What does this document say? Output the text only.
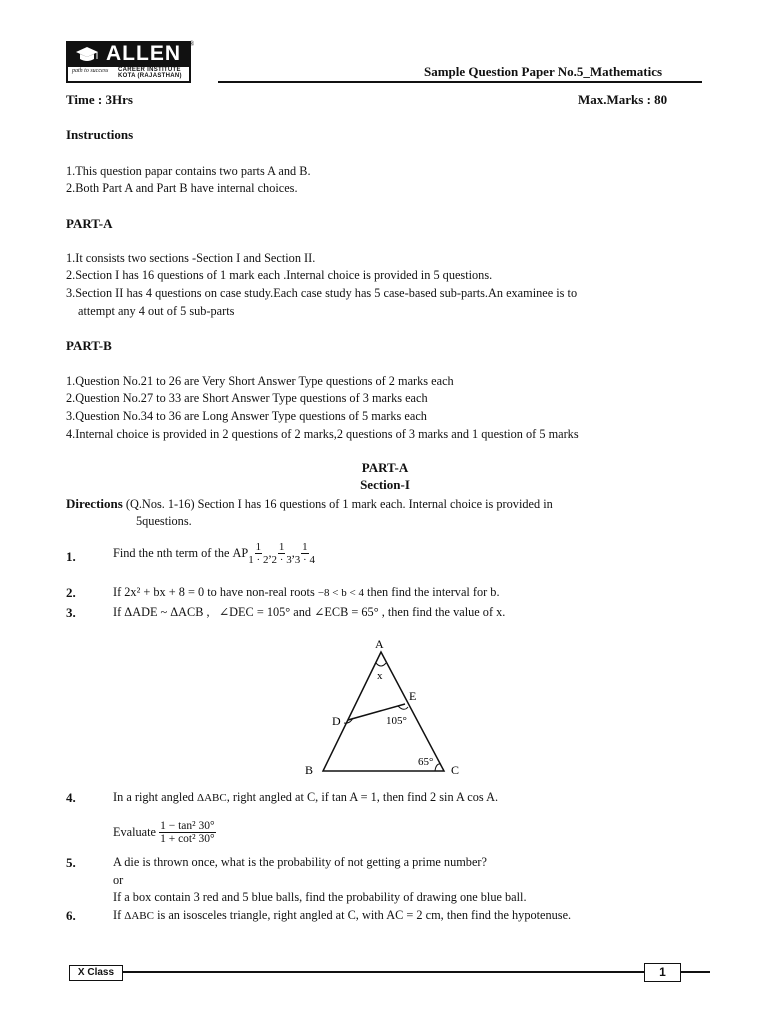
ALLEN
path to success CAREER INSTITUTE
KOTA (RAJASTHAN)
®
Sample Question Paper No.5_Mathematics
Time : 3Hrs	Max.Marks : 80
Instructions
1.This question papar contains two parts A and B.
2.Both Part A and Part B have internal choices.
PART-A
1.It consists two sections -Section I and Section II.
2.Section I has 16 questions of 1 mark each .Internal choice is provided in 5 questions.
3.Section II has 4 questions on case study.Each case study has 5 case-based sub-parts.An examinee is to
attempt any 4 out of 5 sub-parts
PART-B
1.Question No.21 to 26 are Very Short Answer Type questions of 2 marks each
2.Question No.27 to 33 are Short Answer Type questions of 3 marks each
3.Question No.34 to 36 are Long Answer Type questions of 5 marks each
4.Internal choice is provided in 2 questions of 2 marks,2 questions of 3 marks and 1 question of 5 marks
PART-A
Section-I
Directions (Q.Nos. 1-16) Section I has 16 questions of 1 mark each. Internal choice is provided in
5questions.
1.	Find the nth term of the
AP $\frac{1}{1 \cdot 2}$ , $\frac{1}{2 \cdot 3}$ , $\frac{1}{3 \cdot 4}$
2.	If 2x² + bx + 8 = 0 to have non-real roots −8 < b < 4 then find the interval for b.
3.	If ΔADE ~ ΔACB , ∠DEC = 105° and ∠ECB = 65° , then find the value of x.
A
B	C
D
E
x
105°
65°
4.	In a right angled ΔABC, right angled at C, if tan A = 1, then find 2 sin A cos A.
Evaluate
$\frac{\text{1 − tan² 30°}}{\text{1 + cot² 30°}}$
5.	A die is thrown once, what is the probability of not getting a prime number?
or
If a box contain 3 red and 5 blue balls, find the probability of drawing one blue ball.
6.	If ΔABC is an isosceles triangle, right angled at C, with AC = 2 cm, then find the hypotenuse.
X Class	1
